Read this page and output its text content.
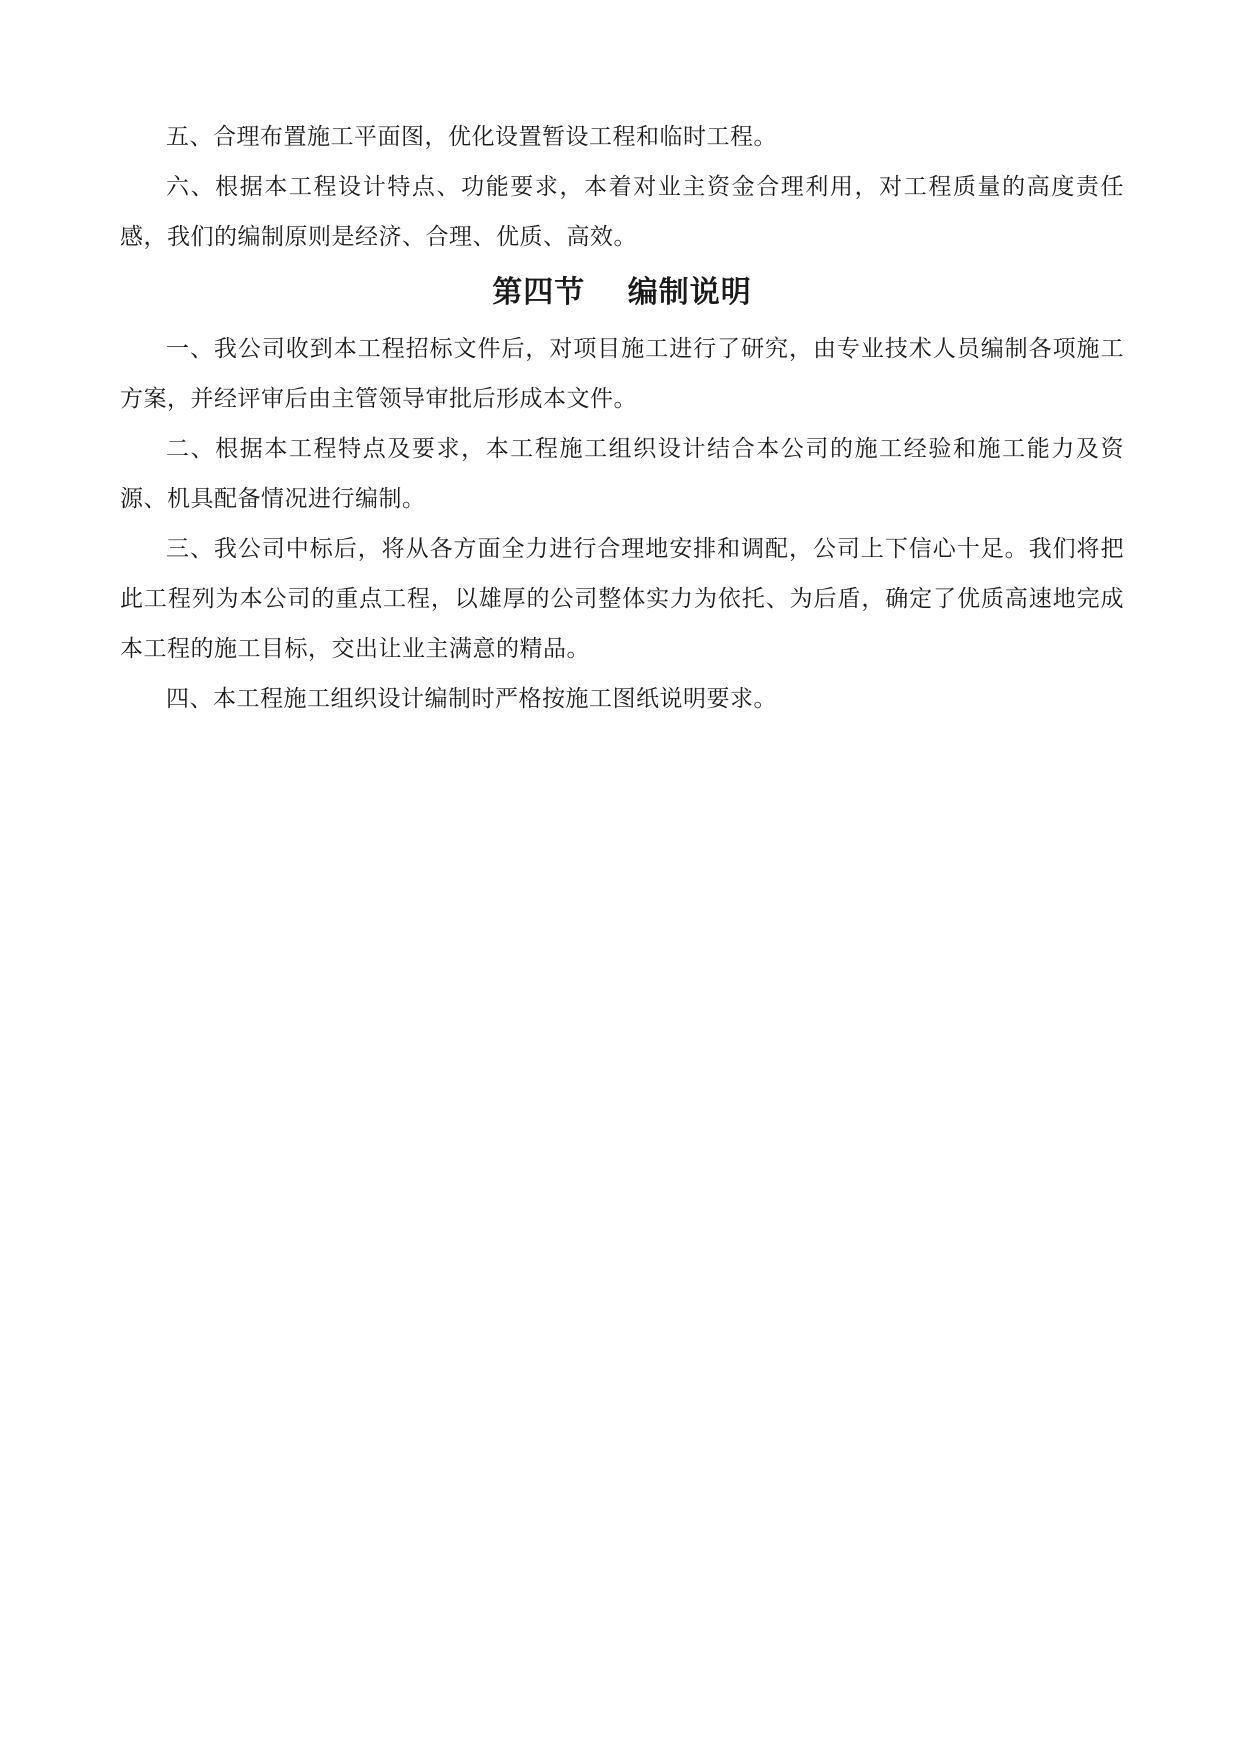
五、合理布置施工平面图，优化设置暂设工程和临时工程。

六、根据本工程设计特点、功能要求，本着对业主资金合理利用，对工程质量的高度责任感，我们的编制原则是经济、合理、优质、高效。

第四节　 编制说明

一、我公司收到本工程招标文件后，对项目施工进行了研究，由专业技术人员编制各项施工方案，并经评审后由主管领导审批后形成本文件。

二、根据本工程特点及要求，本工程施工组织设计结合本公司的施工经验和施工能力及资源、机具配备情况进行编制。

三、我公司中标后，将从各方面全力进行合理地安排和调配，公司上下信心十足。我们将把此工程列为本公司的重点工程，以雄厚的公司整体实力为依托、为后盾，确定了优质高速地完成本工程的施工目标，交出让业主满意的精品。

四、本工程施工组织设计编制时严格按施工图纸说明要求。
